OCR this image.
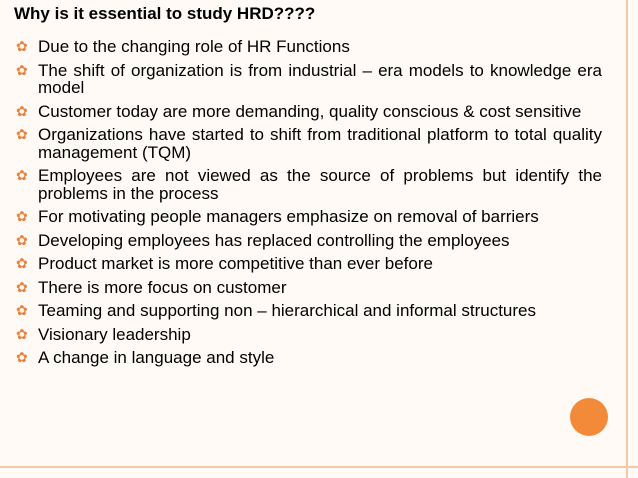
Why is it essential to study HRD????
✿ Due to the changing role of HR Functions
✿ The shift of organization is from industrial – era models to knowledge era model
✿ Customer today are more demanding, quality conscious & cost sensitive
✿ Organizations have started to shift from traditional platform to total quality management (TQM)
✿ Employees are not viewed as the source of problems but identify the problems in the process
✿ For motivating people managers emphasize on removal of barriers
✿ Developing employees has replaced controlling the employees
✿ Product market is more competitive than ever before
✿ There is more focus on customer
✿ Teaming and supporting non – hierarchical and informal structures
✿ Visionary leadership
✿ A change in language and style
